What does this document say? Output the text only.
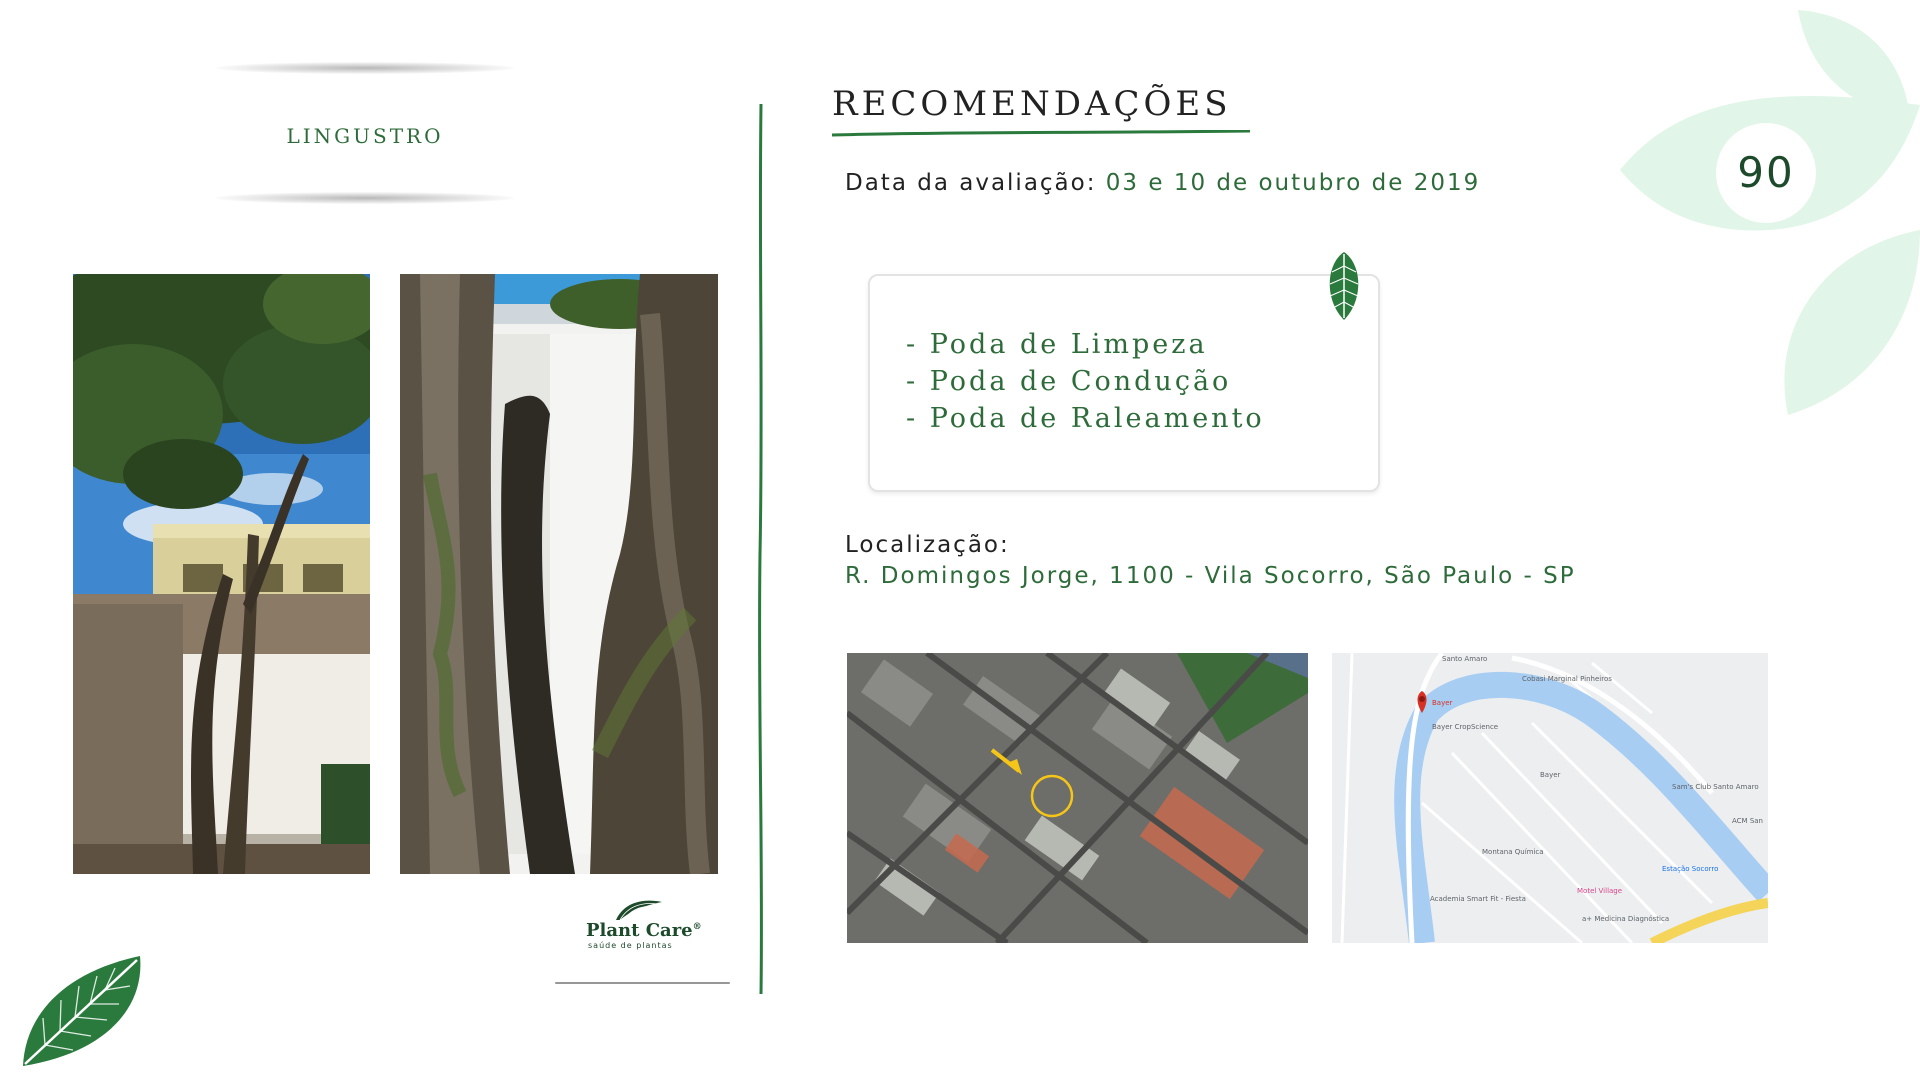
90
LINGUSTRO
Plant Care®
saúde de plantas
RECOMENDAÇÕES
Data da avaliação: 03 e 10 de outubro de 2019
- Poda de Limpeza
- Poda de Condução
- Poda de Raleamento
Localização:
R. Domingos Jorge, 1100 - Vila Socorro, São Paulo - SP
Bayer CropScience
Bayer
Bayer
Cobasi Marginal Pinheiros
Montana Química
Sam's Club Santo Amaro
ACM San
Estação Socorro
Motel Village
Academia Smart Fit - Fiesta
a+ Medicina Diagnóstica
Santo Amaro
